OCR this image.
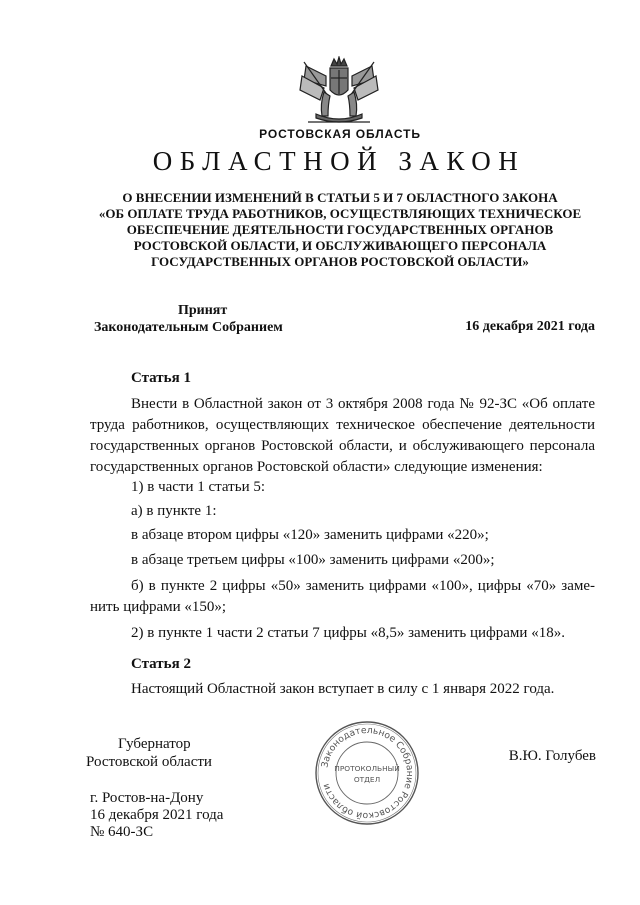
РОСТОВСКАЯ ОБЛАСТЬ
ОБЛАСТНОЙ ЗАКОН
О ВНЕСЕНИИ ИЗМЕНЕНИЙ В СТАТЬИ 5 И 7 ОБЛАСТНОГО ЗАКОНА
«ОБ ОПЛАТЕ ТРУДА РАБОТНИКОВ, ОСУЩЕСТВЛЯЮЩИХ ТЕХНИЧЕСКОЕ
ОБЕСПЕЧЕНИЕ ДЕЯТЕЛЬНОСТИ ГОСУДАРСТВЕННЫХ ОРГАНОВ
РОСТОВСКОЙ ОБЛАСТИ, И ОБСЛУЖИВАЮЩЕГО ПЕРСОНАЛА
ГОСУДАРСТВЕННЫХ ОРГАНОВ РОСТОВСКОЙ ОБЛАСТИ»
Принят
Законодательным Собранием	16 декабря 2021 года
Статья 1

Внести в Областной закон от 3 октября 2008 года № 92-ЗС «Об оплате труда работников, осуществляющих техническое обеспечение деятельности государственных органов Ростовской области, и обслуживающего персонала государственных органов Ростовской области» следующие изменения:

1) в части 1 статьи 5:
а) в пункте 1:
в абзаце втором цифры «120» заменить цифрами «220»;
в абзаце третьем цифры «100» заменить цифрами «200»;

б) в пункте 2 цифры «50» заменить цифрами «100», цифры «70» заме-нить цифрами «150»;

2) в пункте 1 части 2 статьи 7 цифры «8,5» заменить цифрами «18».
Статья 2
Настоящий Областной закон вступает в силу с 1 января 2022 года.
Губернатор
Ростовской области	В.Ю. Голубев
Законодательное Собрание Ростовской области
ПРОТОКОЛЬНЫЙ
ОТДЕЛ
г. Ростов-на-Дону
16 декабря 2021 года
№ 640-ЗС
